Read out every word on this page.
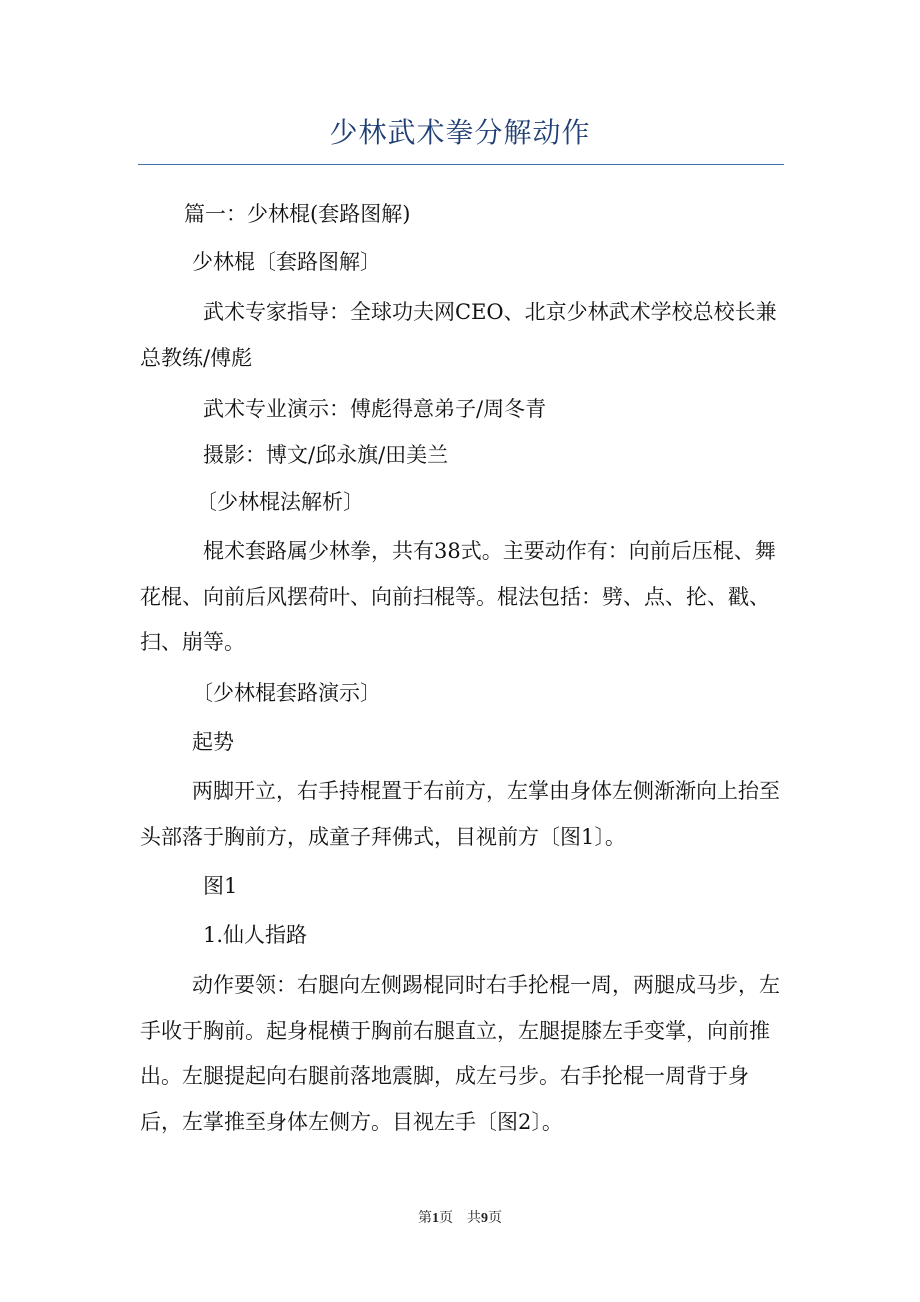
少林武术拳分解动作

篇一：少林棍(套路图解)

少林棍〔套路图解〕

武术专家指导：全球功夫网CEO、北京少林武术学校总校长兼总教练/傅彪

武术专业演示：傅彪得意弟子/周冬青

摄影：博文/邱永旗/田美兰

〔少林棍法解析〕

棍术套路属少林拳，共有38式。主要动作有：向前后压棍、舞花棍、向前后风摆荷叶、向前扫棍等。棍法包括：劈、点、抡、戳、扫、崩等。

〔少林棍套路演示〕

起势

两脚开立，右手持棍置于右前方，左掌由身体左侧渐渐向上抬至头部落于胸前方，成童子拜佛式，目视前方〔图1〕。

图1

1.仙人指路

动作要领：右腿向左侧踢棍同时右手抡棍一周，两腿成马步，左手收于胸前。起身棍横于胸前右腿直立，左腿提膝左手变掌，向前推出。左腿提起向右腿前落地震脚，成左弓步。右手抡棍一周背于身后，左掌推至身体左侧方。目视左手〔图2〕。

第1页　共9页
